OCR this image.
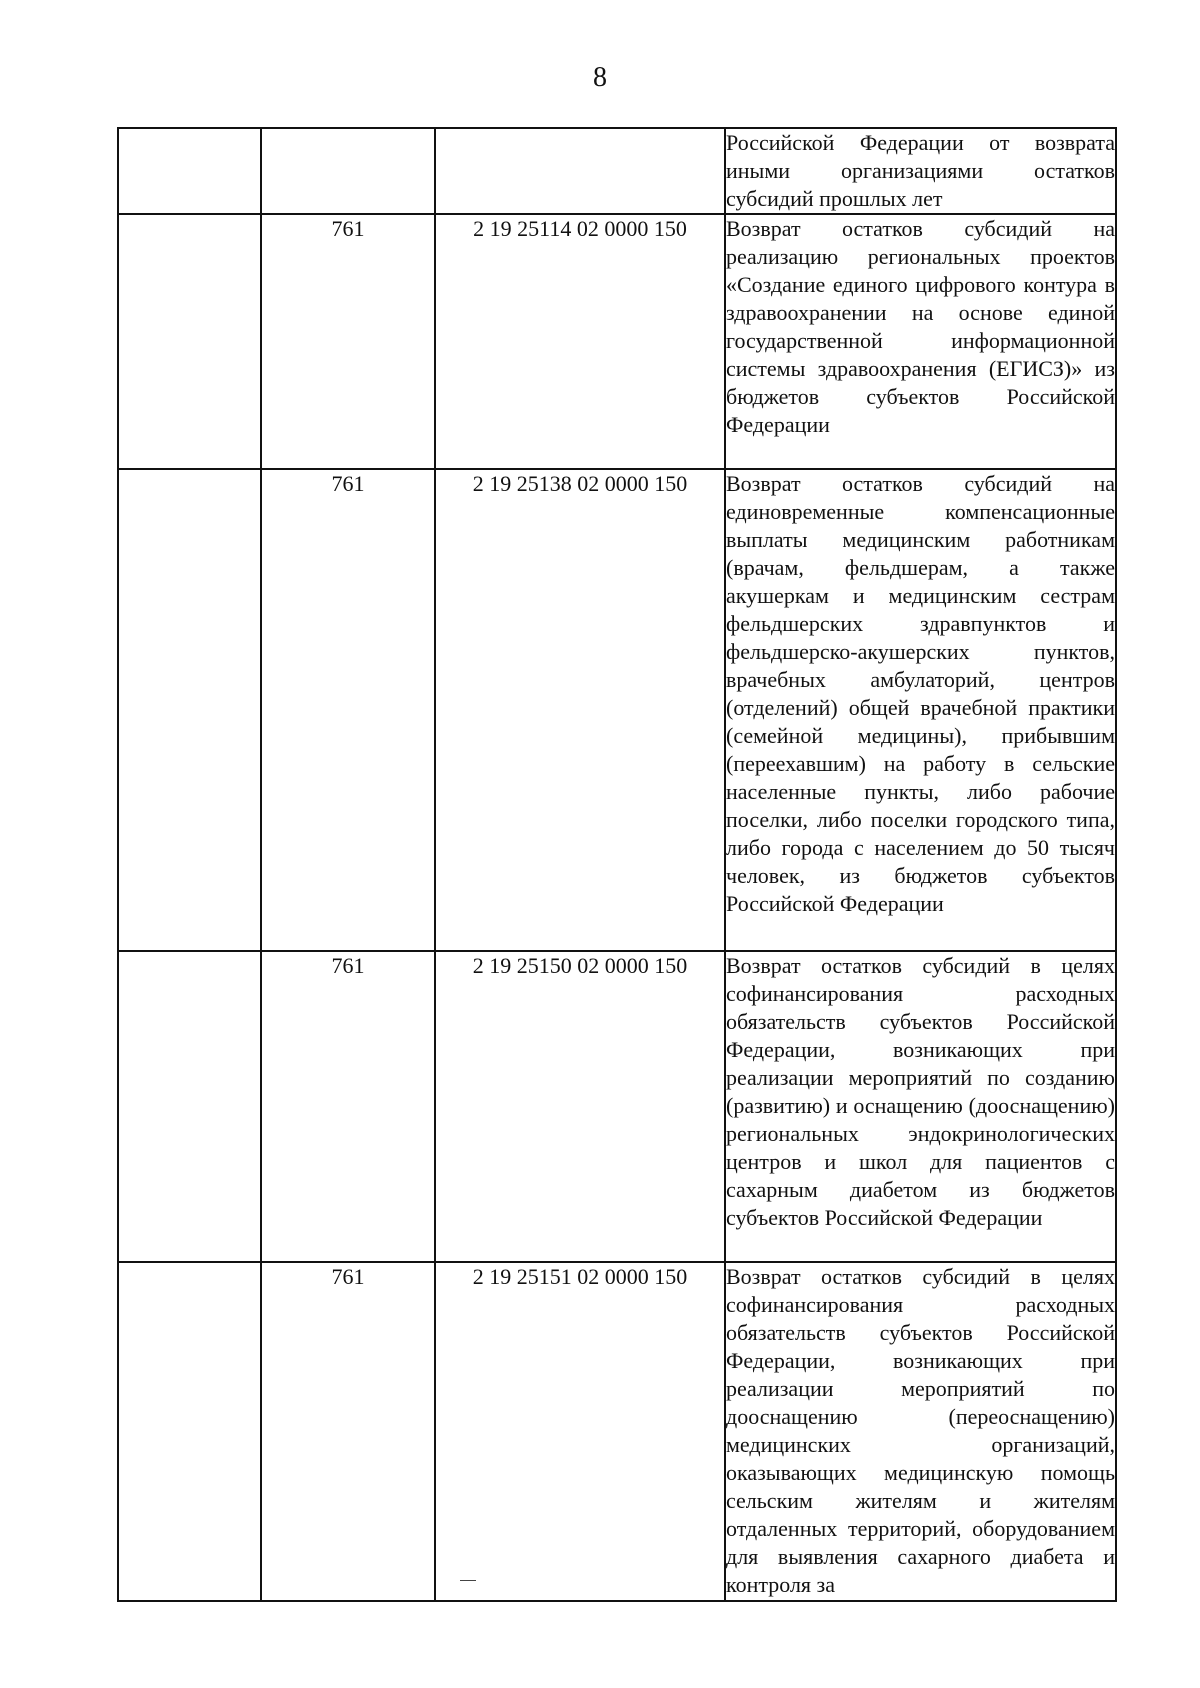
8
			Российской Федерации от возврата иными организациями остатков субсидий прошлых лет
	761	2 19 25114 02 0000 150	Возврат остатков субсидий на реализацию региональных проектов «Создание единого цифрового контура в здравоохранении на основе единой государственной информационной системы здравоохранения (ЕГИСЗ)» из бюджетов субъектов Российской Федерации
	761	2 19 25138 02 0000 150	Возврат остатков субсидий на единовременные компенсационные выплаты медицинским работникам (врачам, фельдшерам, а также акушеркам и медицинским сестрам фельдшерских здравпунктов и фельдшерско-акушерских пунктов, врачебных амбулаторий, центров (отделений) общей врачебной практики (семейной медицины), прибывшим (переехавшим) на работу в сельские населенные пункты, либо рабочие поселки, либо поселки городского типа, либо города с населением до 50 тысяч человек, из бюджетов субъектов Российской Федерации
	761	2 19 25150 02 0000 150	Возврат остатков субсидий в целях софинансирования расходных обязательств субъектов Российской Федерации, возникающих при реализации мероприятий по созданию (развитию) и оснащению (дооснащению) региональных эндокринологических центров и школ для пациентов с сахарным диабетом из бюджетов субъектов Российской Федерации
	761	2 19 25151 02 0000 150	Возврат остатков субсидий в целях софинансирования расходных обязательств субъектов Российской Федерации, возникающих при реализации мероприятий по дооснащению (переоснащению) медицинских организаций, оказывающих медицинскую помощь сельским жителям и жителям отдаленных территорий, оборудованием для выявления сахарного диабета и контроля за
